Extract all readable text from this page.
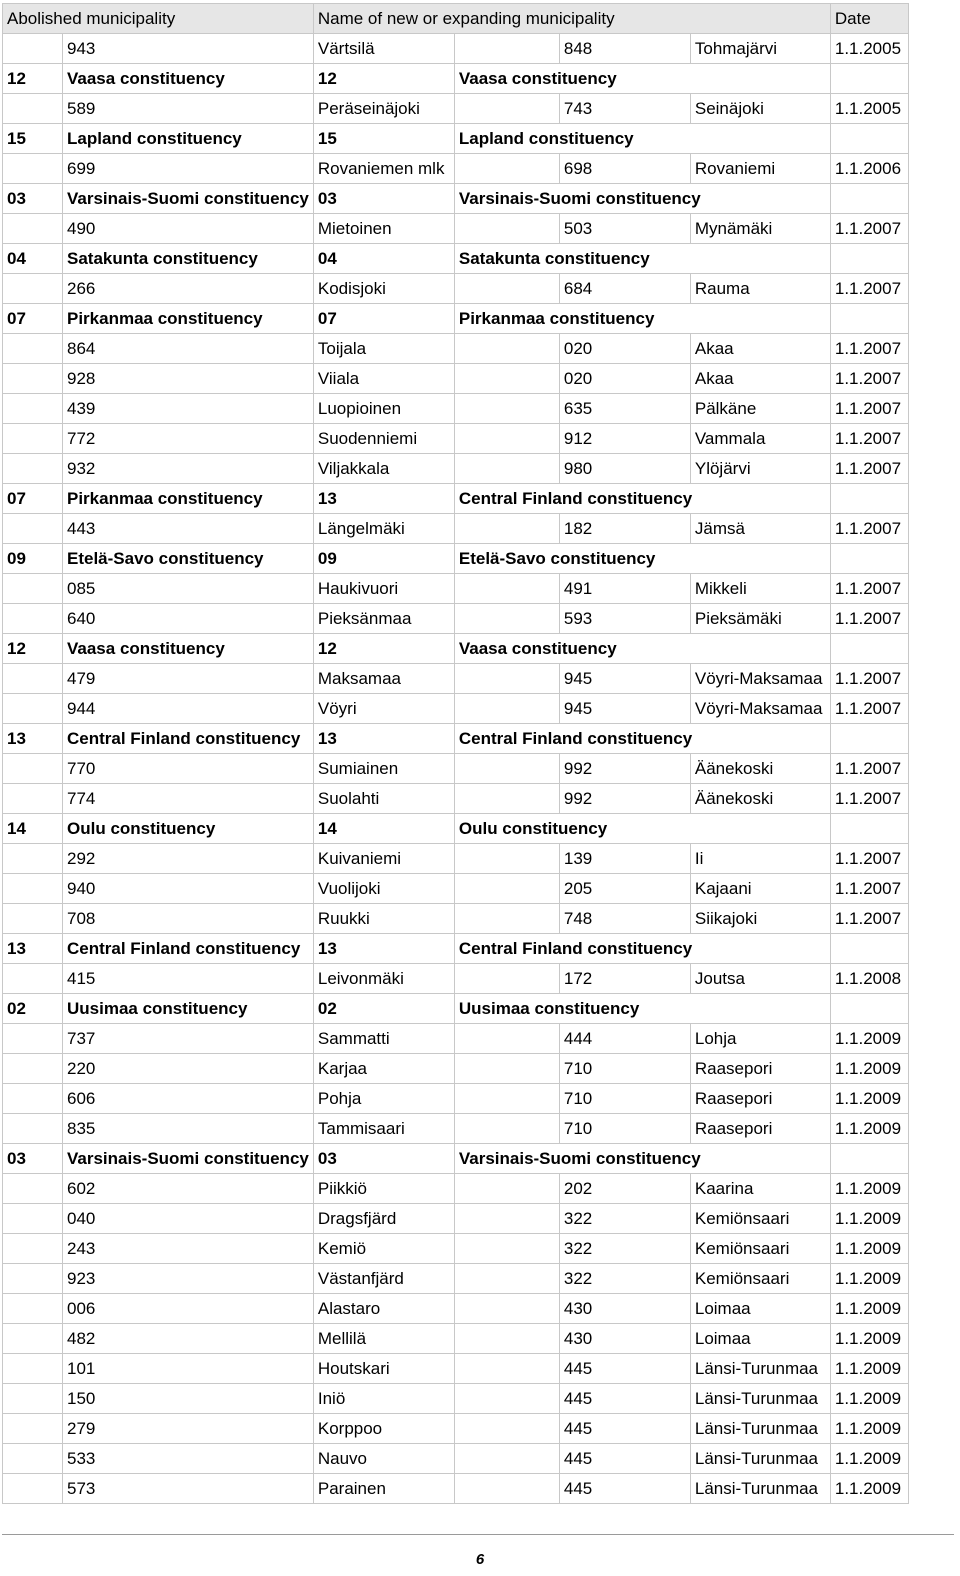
Abolished municipality		Name of new or expanding municipality				Date
	943	Värtsilä		848	Tohmajärvi	1.1.2005
12	Vaasa constituency	12	Vaasa constituency			
	589	Peräseinäjoki		743	Seinäjoki	1.1.2005
15	Lapland constituency	15	Lapland constituency			
	699	Rovaniemen mlk		698	Rovaniemi	1.1.2006
03	Varsinais-Suomi constituency	03	Varsinais-Suomi constituency			
	490	Mietoinen		503	Mynämäki	1.1.2007
04	Satakunta constituency	04	Satakunta constituency			
	266	Kodisjoki		684	Rauma	1.1.2007
07	Pirkanmaa constituency	07	Pirkanmaa constituency			
	864	Toijala		020	Akaa	1.1.2007
	928	Viiala		020	Akaa	1.1.2007
	439	Luopioinen		635	Pälkäne	1.1.2007
	772	Suodenniemi		912	Vammala	1.1.2007
	932	Viljakkala		980	Ylöjärvi	1.1.2007
07	Pirkanmaa constituency	13	Central Finland constituency			
	443	Längelmäki		182	Jämsä	1.1.2007
09	Etelä-Savo constituency	09	Etelä-Savo constituency			
	085	Haukivuori		491	Mikkeli	1.1.2007
	640	Pieksänmaa		593	Pieksämäki	1.1.2007
12	Vaasa constituency	12	Vaasa constituency			
	479	Maksamaa		945	Vöyri-Maksamaa	1.1.2007
	944	Vöyri		945	Vöyri-Maksamaa	1.1.2007
13	Central Finland constituency	13	Central Finland constituency			
	770	Sumiainen		992	Äänekoski	1.1.2007
	774	Suolahti		992	Äänekoski	1.1.2007
14	Oulu constituency	14	Oulu constituency			
	292	Kuivaniemi		139	Ii	1.1.2007
	940	Vuolijoki		205	Kajaani	1.1.2007
	708	Ruukki		748	Siikajoki	1.1.2007
13	Central Finland constituency	13	Central Finland constituency			
	415	Leivonmäki		172	Joutsa	1.1.2008
02	Uusimaa constituency	02	Uusimaa constituency			
	737	Sammatti		444	Lohja	1.1.2009
	220	Karjaa		710	Raasepori	1.1.2009
	606	Pohja		710	Raasepori	1.1.2009
	835	Tammisaari		710	Raasepori	1.1.2009
03	Varsinais-Suomi constituency	03	Varsinais-Suomi constituency			
	602	Piikkiö		202	Kaarina	1.1.2009
	040	Dragsfjärd		322	Kemiönsaari	1.1.2009
	243	Kemiö		322	Kemiönsaari	1.1.2009
	923	Västanfjärd		322	Kemiönsaari	1.1.2009
	006	Alastaro		430	Loimaa	1.1.2009
	482	Mellilä		430	Loimaa	1.1.2009
	101	Houtskari		445	Länsi-Turunmaa	1.1.2009
	150	Iniö		445	Länsi-Turunmaa	1.1.2009
	279	Korppoo		445	Länsi-Turunmaa	1.1.2009
	533	Nauvo		445	Länsi-Turunmaa	1.1.2009
	573	Parainen		445	Länsi-Turunmaa	1.1.2009
6
